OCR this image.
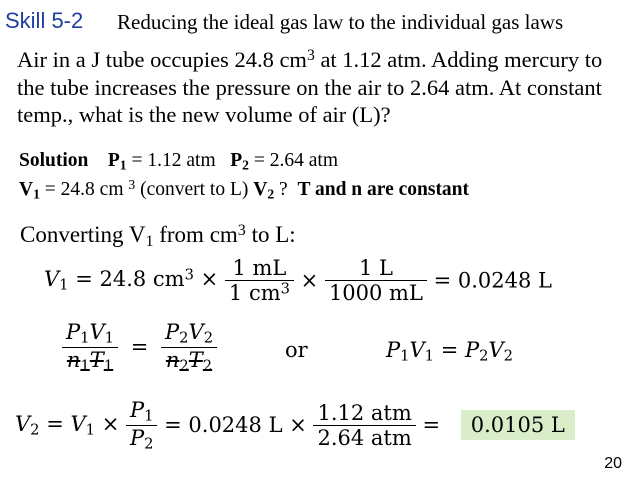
Skill 5-2 Reducing the ideal gas law to the individual gas laws
Air in a J tube occupies 24.8 $cm^3$ at 1.12 atm. Adding mercury to the tube increases the pressure on the air to 2.64 atm. At constant temp., what is the new volume of air (L)?
Solution $P_1 = 1.12$ atm $P_2 = 2.64$ atm
$V_1 = 24.8$ cm $^3$ (convert to L) $V_2$ ?  T and n are constant
Converting $V_1$ from $cm^3$ to L:
$V_1 = 24.8$ $cm^3 \times \frac{1 mL}{1 cm^3} \times \frac{1 L}{1000 mL} = 0.0248$ L
$\frac{P_1V_1}{n_1T_1} = \frac{P_2V_2}{n_2T_2}$	or	$P_1V_1 = P_2V_2$
$V_2 = V_1 \times \frac{P_1}{P_2} = 0.0248$ $L \times \frac{\text{1.12 atm}}{\text{2.64 atm}} = 0.0105$ L
20
